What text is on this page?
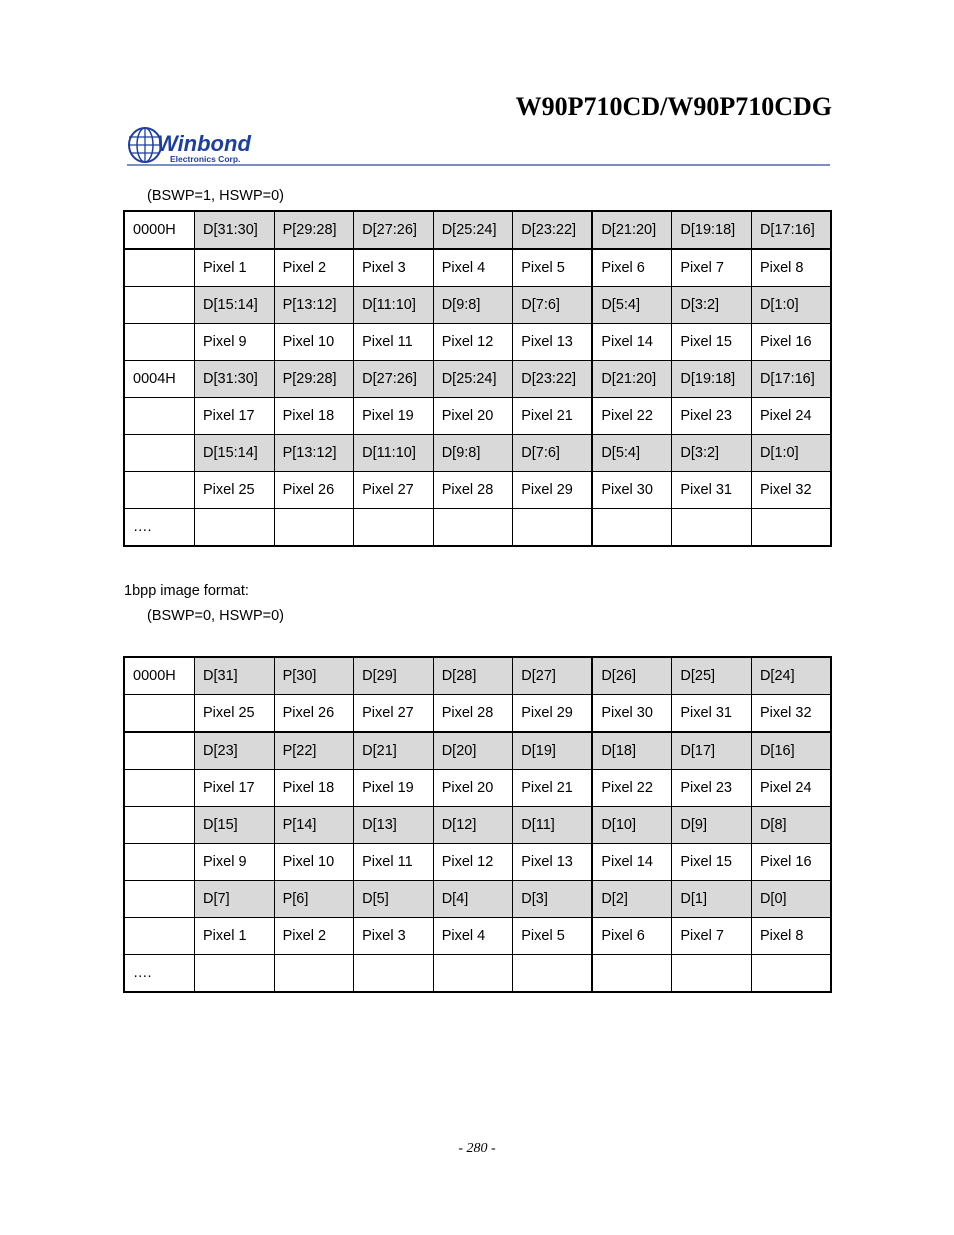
W90P710CD/W90P710CDG
Winbond
Electronics Corp.
(BSWP=1, HSWP=0)
0000H	D[31:30]	P[29:28]	D[27:26]	D[25:24]	D[23:22]	D[21:20]	D[19:18]	D[17:16]
	Pixel 1	Pixel 2	Pixel 3	Pixel 4	Pixel 5	Pixel 6	Pixel 7	Pixel 8
	D[15:14]	P[13:12]	D[11:10]	D[9:8]	D[7:6]	D[5:4]	D[3:2]	D[1:0]
	Pixel 9	Pixel 10	Pixel 11	Pixel 12	Pixel 13	Pixel 14	Pixel 15	Pixel 16
0004H	D[31:30]	P[29:28]	D[27:26]	D[25:24]	D[23:22]	D[21:20]	D[19:18]	D[17:16]
	Pixel 17	Pixel 18	Pixel 19	Pixel 20	Pixel 21	Pixel 22	Pixel 23	Pixel 24
	D[15:14]	P[13:12]	D[11:10]	D[9:8]	D[7:6]	D[5:4]	D[3:2]	D[1:0]
	Pixel 25	Pixel 26	Pixel 27	Pixel 28	Pixel 29	Pixel 30	Pixel 31	Pixel 32
….								
1bpp image format:
(BSWP=0, HSWP=0)
0000H	D[31]	P[30]	D[29]	D[28]	D[27]	D[26]	D[25]	D[24]
	Pixel 25	Pixel 26	Pixel 27	Pixel 28	Pixel 29	Pixel 30	Pixel 31	Pixel 32
	D[23]	P[22]	D[21]	D[20]	D[19]	D[18]	D[17]	D[16]
	Pixel 17	Pixel 18	Pixel 19	Pixel 20	Pixel 21	Pixel 22	Pixel 23	Pixel 24
	D[15]	P[14]	D[13]	D[12]	D[11]	D[10]	D[9]	D[8]
	Pixel 9	Pixel 10	Pixel 11	Pixel 12	Pixel 13	Pixel 14	Pixel 15	Pixel 16
	D[7]	P[6]	D[5]	D[4]	D[3]	D[2]	D[1]	D[0]
	Pixel 1	Pixel 2	Pixel 3	Pixel 4	Pixel 5	Pixel 6	Pixel 7	Pixel 8
….								
- 280 -
